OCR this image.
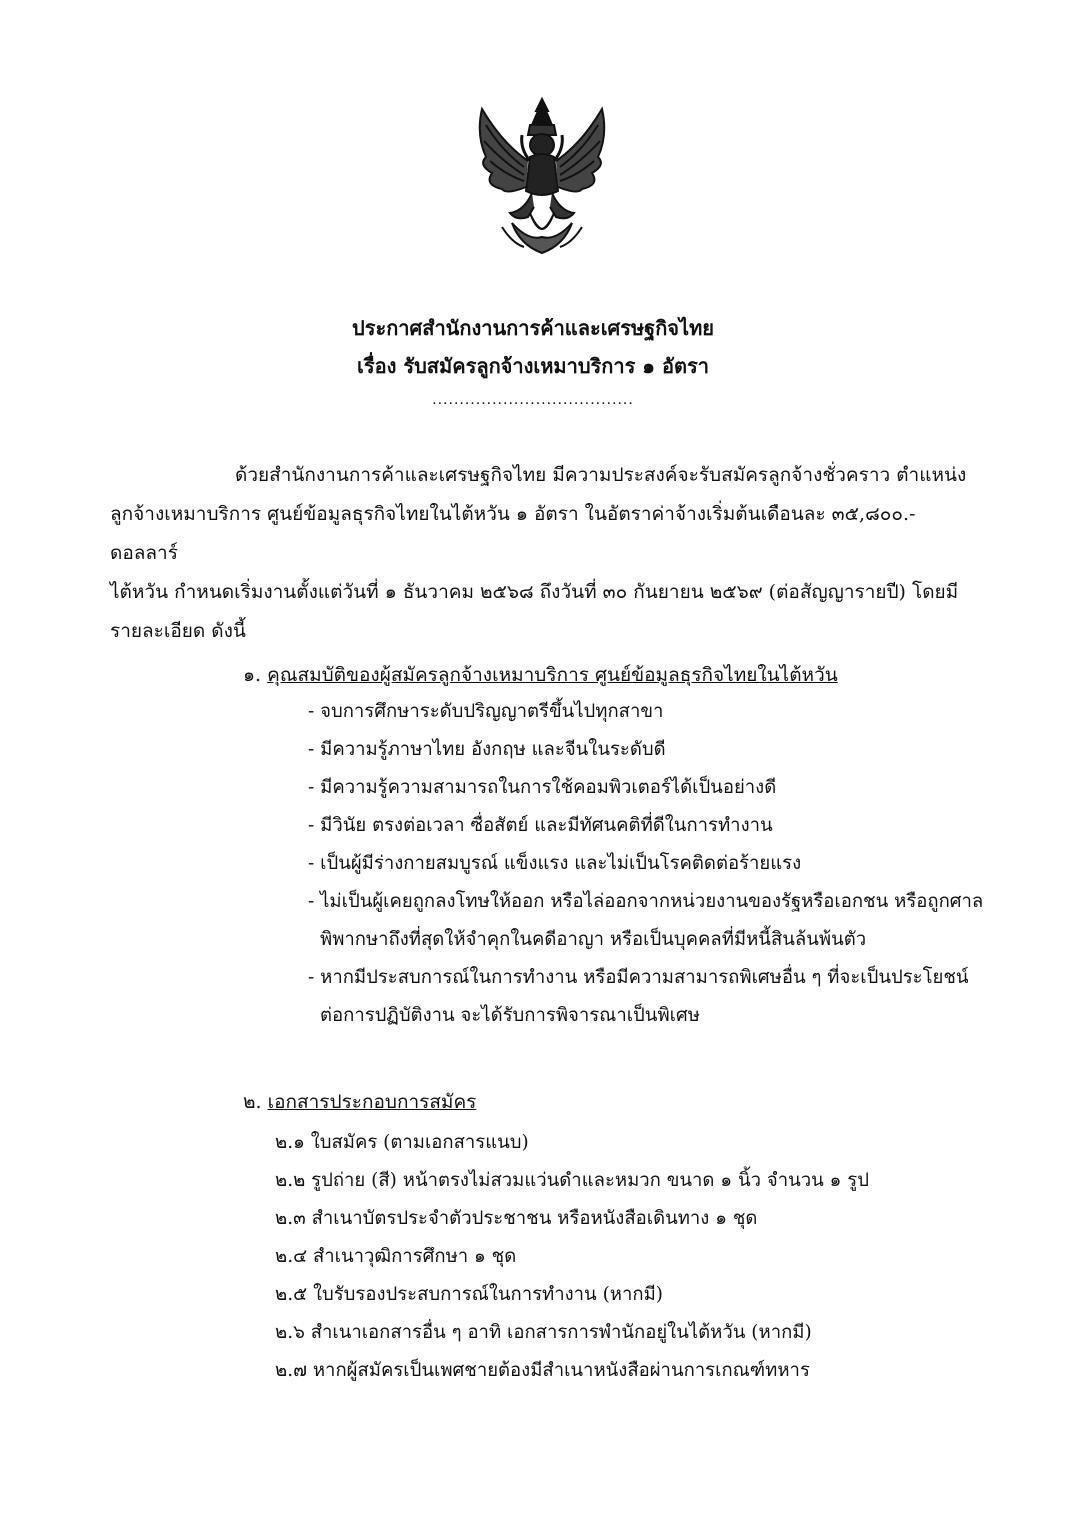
ประกาศสำนักงานการค้าและเศรษฐกิจไทย
เรื่อง รับสมัครลูกจ้างเหมาบริการ ๑ อัตรา
.....................................
ด้วยสำนักงานการค้าและเศรษฐกิจไทย มีความประสงค์จะรับสมัครลูกจ้างชั่วคราว ตำแหน่ง
ลูกจ้างเหมาบริการ ศูนย์ข้อมูลธุรกิจไทยในไต้หวัน ๑ อัตรา ในอัตราค่าจ้างเริ่มต้นเดือนละ ๓๕,๘๐๐.- ดอลลาร์
ไต้หวัน กำหนดเริ่มงานตั้งแต่วันที่ ๑ ธันวาคม ๒๕๖๘ ถึงวันที่ ๓๐ กันยายน ๒๕๖๙ (ต่อสัญญารายปี) โดยมี
รายละเอียด ดังนี้
๑. คุณสมบัติของผู้สมัครลูกจ้างเหมาบริการ ศูนย์ข้อมูลธุรกิจไทยในไต้หวัน
- จบการศึกษาระดับปริญญาตรีขึ้นไปทุกสาขา
- มีความรู้ภาษาไทย อังกฤษ และจีนในระดับดี
- มีความรู้ความสามารถในการใช้คอมพิวเตอร์ได้เป็นอย่างดี
- มีวินัย ตรงต่อเวลา ซื่อสัตย์ และมีทัศนคติที่ดีในการทำงาน
- เป็นผู้มีร่างกายสมบูรณ์ แข็งแรง และไม่เป็นโรคติดต่อร้ายแรง
- ไม่เป็นผู้เคยถูกลงโทษให้ออก หรือไล่ออกจากหน่วยงานของรัฐหรือเอกชน หรือถูกศาล
พิพากษาถึงที่สุดให้จำคุกในคดีอาญา หรือเป็นบุคคลที่มีหนี้สินล้นพ้นตัว
- หากมีประสบการณ์ในการทำงาน หรือมีความสามารถพิเศษอื่น ๆ ที่จะเป็นประโยชน์
ต่อการปฏิบัติงาน จะได้รับการพิจารณาเป็นพิเศษ
๒. เอกสารประกอบการสมัคร
๒.๑ ใบสมัคร (ตามเอกสารแนบ)
๒.๒ รูปถ่าย (สี) หน้าตรงไม่สวมแว่นดำและหมวก ขนาด ๑ นิ้ว จำนวน ๑ รูป
๒.๓ สำเนาบัตรประจำตัวประชาชน หรือหนังสือเดินทาง ๑ ชุด
๒.๔ สำเนาวุฒิการศึกษา ๑ ชุด
๒.๕ ใบรับรองประสบการณ์ในการทำงาน (หากมี)
๒.๖ สำเนาเอกสารอื่น ๆ อาทิ เอกสารการพำนักอยู่ในไต้หวัน (หากมี)
๒.๗ หากผู้สมัครเป็นเพศชายต้องมีสำเนาหนังสือผ่านการเกณฑ์ทหาร
